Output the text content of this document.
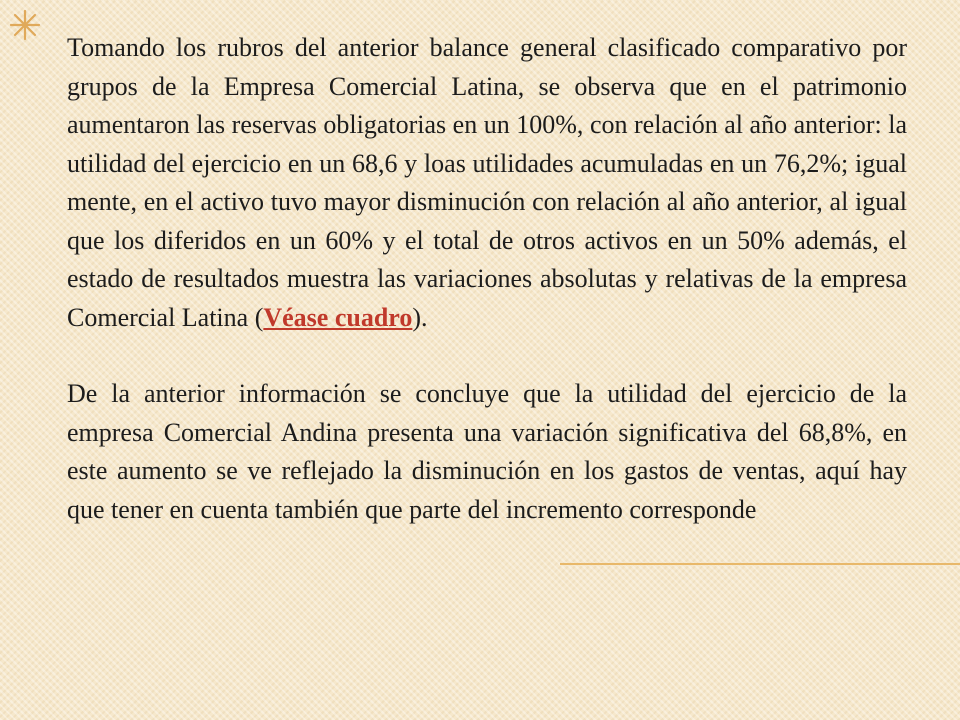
Tomando los rubros del anterior balance general clasificado comparativo por grupos de la Empresa Comercial Latina, se observa que en el patrimonio aumentaron las reservas obligatorias en un 100%, con relación al año anterior: la utilidad del ejercicio en un 68,6 y loas utilidades acumuladas en un 76,2%; igual mente, en el activo tuvo mayor disminución con relación al año anterior, al igual que los diferidos en un 60% y el total de otros activos en un 50% además, el estado de resultados muestra las variaciones absolutas y relativas de la empresa Comercial Latina (Véase cuadro).

De la anterior información se concluye que la utilidad del ejercicio de la empresa Comercial Andina presenta una variación significativa del 68,8%, en este aumento se ve reflejado la disminución en los gastos de ventas, aquí hay que tener en cuenta también que parte del incremento corresponde
